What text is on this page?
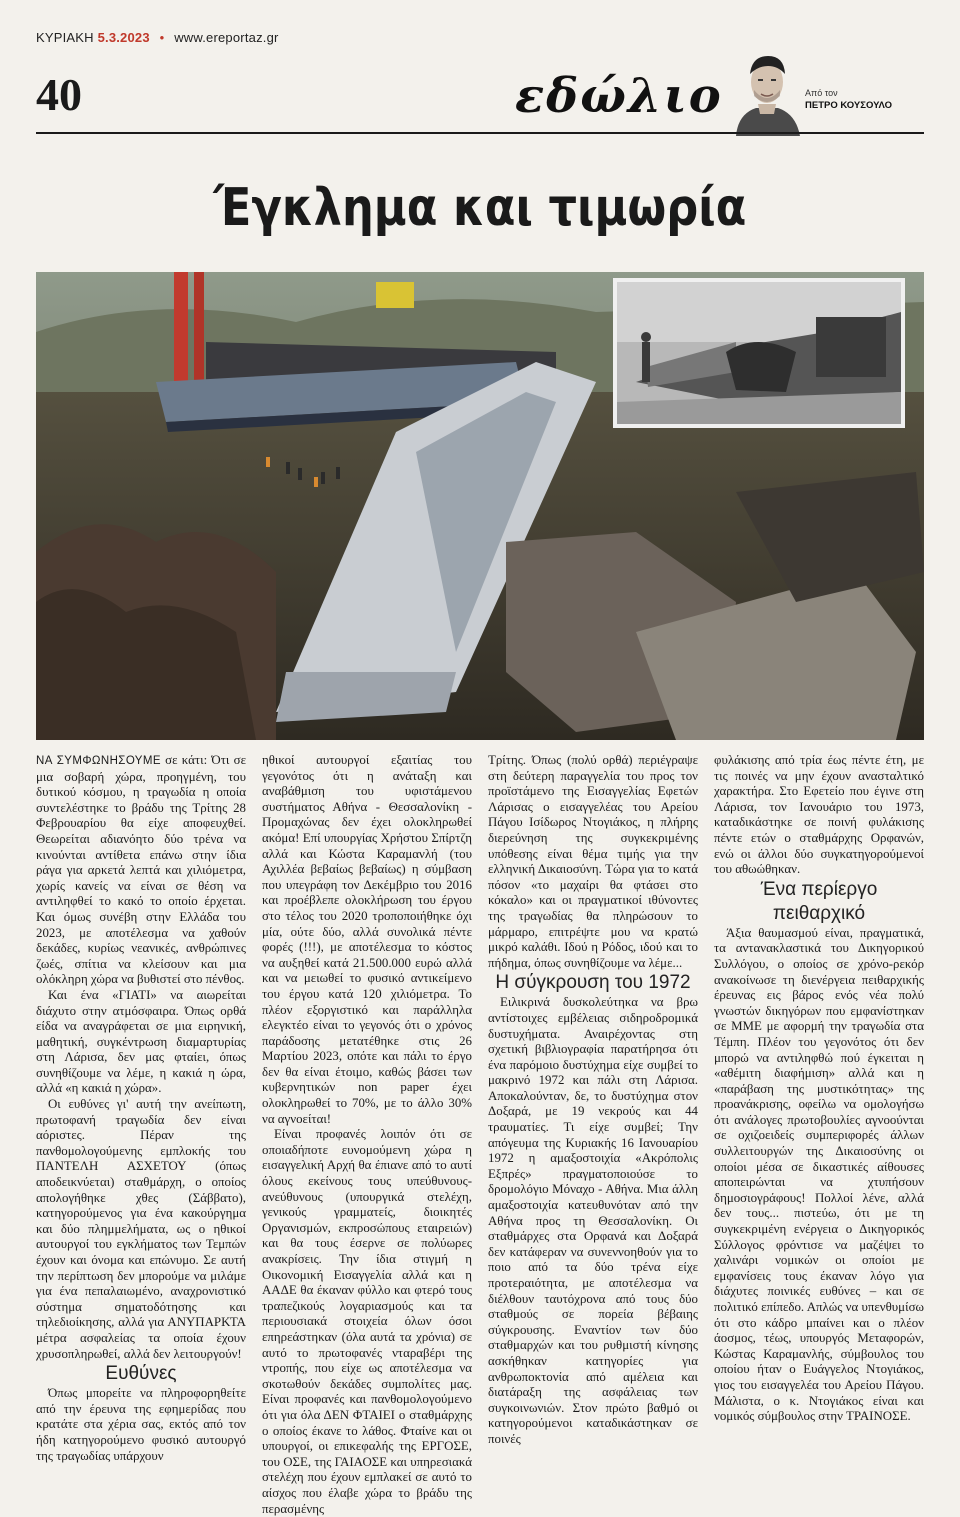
ΚΥΡΙΑΚΗ 5.3.2023 • www.ereportaz.gr
40	εδώλιο	Από τον
ΠΕΤΡΟ ΚΟΥΣΟΥΛΟ
Έγκλημα και τιμωρία

ΝΑ ΣΥΜΦΩΝΗΣΟΥΜΕ σε κάτι: Ότι σε μια σοβαρή χώρα, προηγμένη, του δυτικού κόσμου, η τραγωδία η οποία συντελέστηκε το βράδυ της Τρίτης 28 Φεβρουαρίου θα είχε αποφευχθεί. Θεωρείται αδιανόητο δύο τρένα να κινούνται αντίθετα επάνω στην ίδια ράγα για αρκετά λεπτά και χιλιόμετρα, χωρίς κανείς να είναι σε θέση να αντιληφθεί το κακό το οποίο έρχεται. Και όμως συνέβη στην Ελλάδα του 2023, με αποτέλεσμα να χαθούν δεκάδες, κυρίως νεανικές, ανθρώπινες ζωές, σπίτια να κλείσουν και μια ολόκληρη χώρα να βυθιστεί στο πένθος.

Και ένα «ΓΙΑΤΙ» να αιωρείται διάχυτο στην ατμόσφαιρα. Όπως ορθά είδα να αναγράφεται σε μια ειρηνική, μαθητική, συγκέντρωση διαμαρτυρίας στη Λάρισα, δεν μας φταίει, όπως συνηθίζουμε να λέμε, η κακιά η ώρα, αλλά «η κακιά η χώρα».

Οι ευθύνες γι' αυτή την ανείπωτη, πρωτοφανή τραγωδία δεν είναι αόριστες. Πέραν της πανθομολογούμενης εμπλοκής του ΠΑΝΤΕΛΗ ΑΣΧΕΤΟΥ (όπως αποδεικνύεται) σταθμάρχη, ο οποίος απολογήθηκε χθες (Σάββατο), κατηγορούμενος για ένα κακούργημα και δύο πλημμελήματα, ως ο ηθικοί αυτουργοί του εγκλήματος των Τεμπών έχουν και όνομα και επώνυμο. Σε αυτή την περίπτωση δεν μπορούμε να μιλάμε για ένα πεπαλαιωμένο, αναχρονιστικό σύστημα σηματοδότησης και τηλεδιοίκησης, αλλά για ΑΝΥΠΑΡΚΤΑ μέτρα ασφαλείας τα οποία έχουν χρυσοπληρωθεί, αλλά δεν λειτουργούν!

Ευθύνες

Όπως μπορείτε να πληροφορηθείτε από την έρευνα της εφημερίδας που κρατάτε στα χέρια σας, εκτός από τον ήδη κατηγορούμενο φυσικό αυτουργό της τραγωδίας υπάρχουν

ηθικοί αυτουργοί εξαιτίας του γεγονότος ότι η ανάταξη και αναβάθμιση του υφιστάμενου συστήματος Αθήνα - Θεσσαλονίκη - Προμαχώνας δεν έχει ολοκληρωθεί ακόμα! Επί υπουργίας Χρήστου Σπίρτζη αλλά και Κώστα Καραμανλή (του Αχιλλέα βεβαίως βεβαίως) η σύμβαση που υπεγράφη τον Δεκέμβριο του 2016 και προέβλεπε ολοκλήρωση του έργου στο τέλος του 2020 τροποποιήθηκε όχι μία, ούτε δύο, αλλά συνολικά πέντε φορές (!!!), με αποτέλεσμα το κόστος να αυξηθεί κατά 21.500.000 ευρώ αλλά και να μειωθεί το φυσικό αντικείμενο του έργου κατά 120 χιλιόμετρα. Το πλέον εξοργιστικό και παράλληλα ελεγκτέο είναι το γεγονός ότι ο χρόνος παράδοσης μετατέθηκε στις 26 Μαρτίου 2023, οπότε και πάλι το έργο δεν θα είναι έτοιμο, καθώς βάσει των κυβερνητικών non paper έχει ολοκληρωθεί το 70%, με το άλλο 30% να αγνοείται!

Είναι προφανές λοιπόν ότι σε οποιαδήποτε ευνομούμενη χώρα η εισαγγελική Αρχή θα έπιανε από το αυτί όλους εκείνους τους υπεύθυνους-ανεύθυνους (υπουργικά στελέχη, γενικούς γραμματείς, διοικητές Οργανισμών, εκπροσώπους εταιρειών) και θα τους έσερνε σε πολύωρες ανακρίσεις. Την ίδια στιγμή η Οικονομική Εισαγγελία αλλά και η ΑΑΔΕ θα έκαναν φύλλο και φτερό τους τραπεζικούς λογαριασμούς και τα περιουσιακά στοιχεία όλων όσοι επηρεάστηκαν (όλα αυτά τα χρόνια) σε αυτό το πρωτοφανές νταραβέρι της ντροπής, που είχε ως αποτέλεσμα να σκοτωθούν δεκάδες συμπολίτες μας. Είναι προφανές και πανθομολογούμενο ότι για όλα ΔΕΝ ΦΤΑΙΕΙ ο σταθμάρχης ο οποίος έκανε το λάθος. Φταίνε και οι υπουργοί, οι επικεφαλής της ΕΡΓΟΣΕ, του ΟΣΕ, της ΓΑΙΑΟΣΕ και υπηρεσιακά στελέχη που έχουν εμπλακεί σε αυτό το αίσχος που έλαβε χώρα το βράδυ της περασμένης

Τρίτης. Όπως (πολύ ορθά) περιέγραψε στη δεύτερη παραγγελία του προς τον προϊστάμενο της Εισαγγελίας Εφετών Λάρισας ο εισαγγελέας του Αρείου Πάγου Ισίδωρος Ντογιάκος, η πλήρης διερεύνηση της συγκεκριμένης υπόθεσης είναι θέμα τιμής για την ελληνική Δικαιοσύνη. Τώρα για το κατά πόσον «το μαχαίρι θα φτάσει στο κόκαλο» και οι πραγματικοί ιθύνοντες της τραγωδίας θα πληρώσουν το μάρμαρο, επιτρέψτε μου να κρατώ μικρό καλάθι. Ιδού η Ρόδος, ιδού και το πήδημα, όπως συνηθίζουμε να λέμε...

Η σύγκρουση του 1972

Ειλικρινά δυσκολεύτηκα να βρω αντίστοιχες εμβέλειας σιδηροδρομικά δυστυχήματα. Αναιρέχοντας στη σχετική βιβλιογραφία παρατήρησα ότι ένα παρόμοιο δυστύχημα είχε συμβεί το μακρινό 1972 και πάλι στη Λάρισα. Αποκαλούνταν, δε, το δυστύχημα στον Δοξαρά, με 19 νεκρούς και 44 τραυματίες. Τι είχε συμβεί; Την απόγευμα της Κυριακής 16 Ιανουαρίου 1972 η αμαξοστοιχία «Ακρόπολις Εξπρές» πραγματοποιούσε το δρομολόγιο Μόναχο - Αθήνα. Μια άλλη αμαξοστοιχία κατευθυνόταν από την Αθήνα προς τη Θεσσαλονίκη. Οι σταθμάρχες στα Ορφανά και Δοξαρά δεν κατάφεραν να συνεννοηθούν για το ποιο από τα δύο τρένα είχε προτεραιότητα, με αποτέλεσμα να διέλθουν ταυτόχρονα από τους δύο σταθμούς σε πορεία βέβαιης σύγκρουσης. Εναντίον των δύο σταθμαρχών και του ρυθμιστή κίνησης ασκήθηκαν κατηγορίες για ανθρωποκτονία από αμέλεια και διατάραξη της ασφάλειας των συγκοινωνιών. Στον πρώτο βαθμό οι κατηγορούμενοι καταδικάστηκαν σε ποινές

φυλάκισης από τρία έως πέντε έτη, με τις ποινές να μην έχουν ανασταλτικό χαρακτήρα. Στο Εφετείο που έγινε στη Λάρισα, τον Ιανουάριο του 1973, καταδικάστηκε σε ποινή φυλάκισης πέντε ετών ο σταθμάρχης Ορφανών, ενώ οι άλλοι δύο συγκατηγορούμενοί του αθωώθηκαν.

Ένα περίεργο πειθαρχικό

Άξια θαυμασμού είναι, πραγματικά, τα αντανακλαστικά του Δικηγορικού Συλλόγου, ο οποίος σε χρόνο-ρεκόρ ανακοίνωσε τη διενέργεια πειθαρχικής έρευνας εις βάρος ενός νέα πολύ γνωστών δικηγόρων που εμφανίστηκαν σε ΜΜΕ με αφορμή την τραγωδία στα Τέμπη. Πλέον του γεγονότος ότι δεν μπορώ να αντιληφθώ πού έγκειται η «αθέμιτη διαφήμιση» αλλά και η «παράβαση της μυστικότητας» της προανάκρισης, οφείλω να ομολογήσω ότι ανάλογες πρωτοβουλίες αγνοούνται σε οχιζοειδείς συμπεριφορές άλλων συλλειτουργών της Δικαιοσύνης οι οποίοι μέσα σε δικαστικές αίθουσες αποπειρώνται να χτυπήσουν δημοσιογράφους! Πολλοί λένε, αλλά δεν τους... πιστεύω, ότι με τη συγκεκριμένη ενέργεια ο Δικηγορικός Σύλλογος φρόντισε να μαζέψει το χαλινάρι νομικών οι οποίοι με εμφανίσεις τους έκαναν λόγο για διάχυτες ποινικές ευθύνες – και σε πολιτικό επίπεδο. Απλώς να υπενθυμίσω ότι στο κάδρο μπαίνει και ο πλέον άοσμος, τέως, υπουργός Μεταφορών, Κώστας Καραμανλής, σύμβουλος του οποίου ήταν ο Ευάγγελος Ντογιάκος, γιος του εισαγγελέα του Αρείου Πάγου. Μάλιστα, ο κ. Ντογιάκος είναι και νομικός σύμβουλος στην ΤΡΑΙΝΟΣΕ.
